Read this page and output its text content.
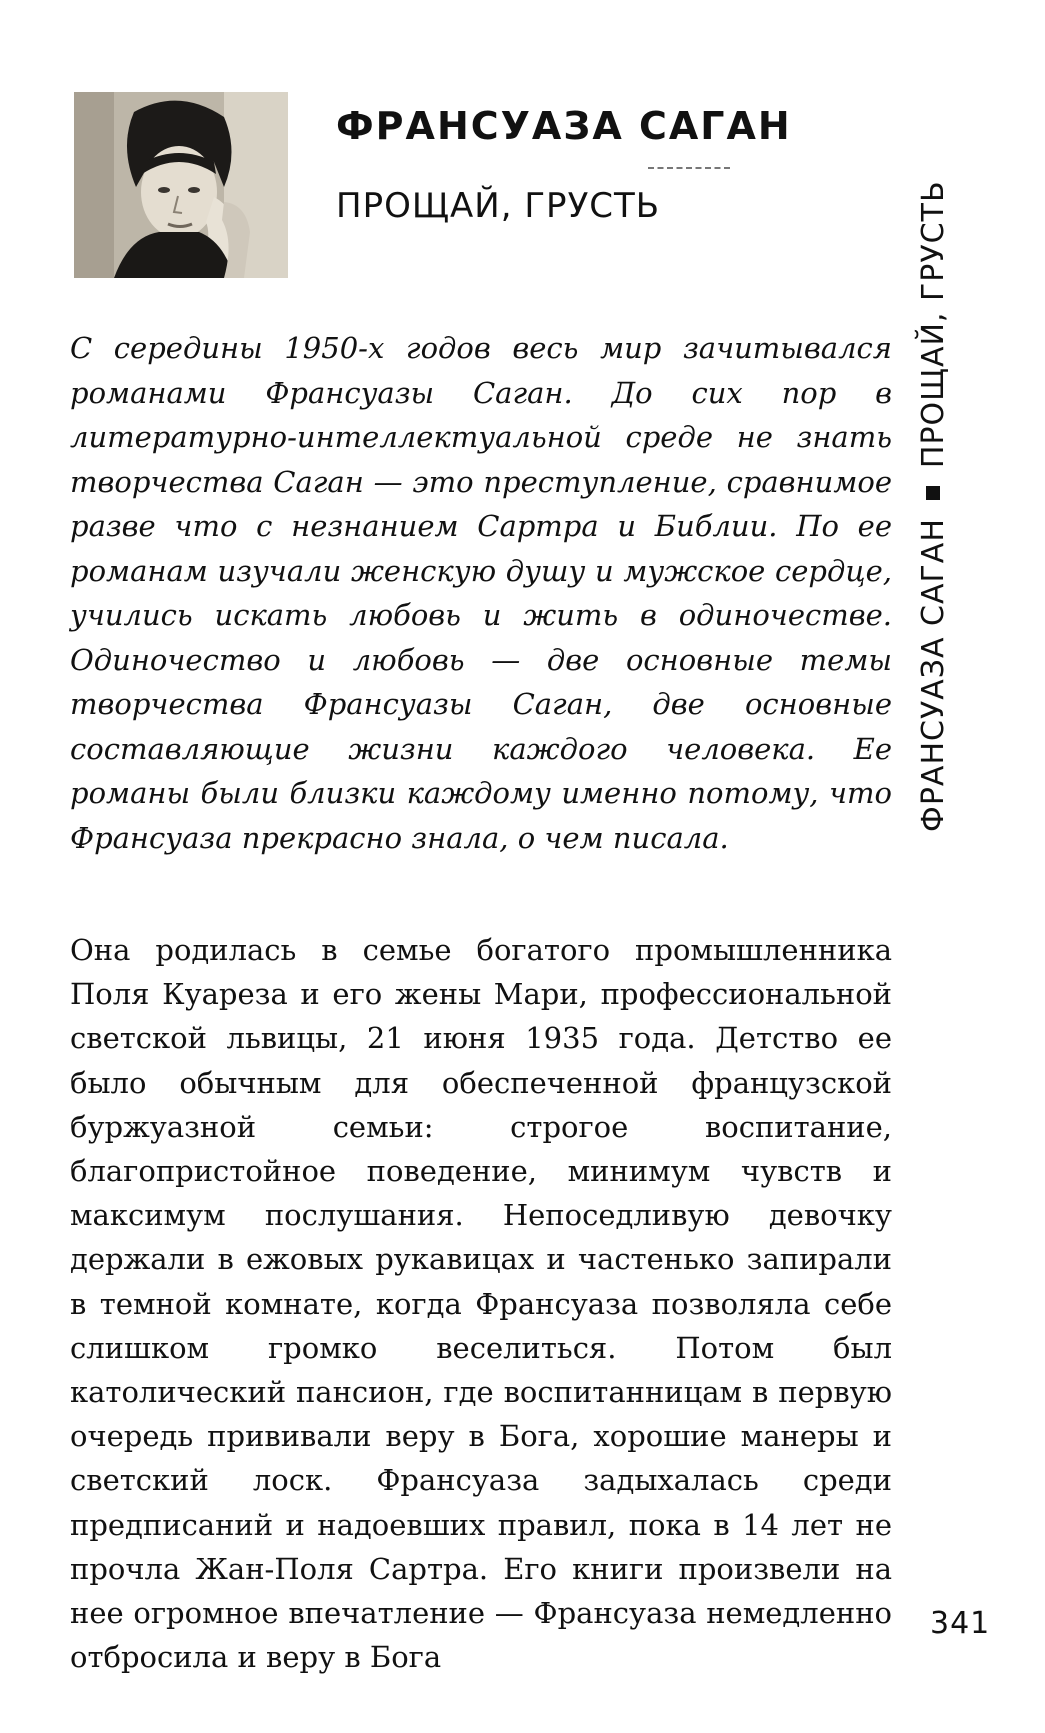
ФРАНСУАЗА САГАН
ПРОЩАЙ, ГРУСТЬ
С середины 1950-х годов весь мир зачитывался романами Франсуазы Саган. До сих пор в литературно-интеллектуальной среде не знать творчества Саган — это преступление, сравнимое разве что с незнанием Сартра и Библии. По ее романам изучали женскую душу и мужское сердце, учились искать любовь и жить в одиночестве. Одиночество и любовь — две основные темы творчества Франсуазы Саган, две основные составляющие жизни каждого человека. Ее романы были близки каждому именно потому, что Франсуаза прекрасно знала, о чем писала.
Она родилась в семье богатого промышленника Поля Куареза и его жены Мари, профессиональной светской львицы, 21 июня 1935 года. Детство ее было обычным для обеспеченной французской буржуазной семьи: строгое воспитание, благопристойное поведение, минимум чувств и максимум послушания. Непоседливую девочку держали в ежовых рукавицах и частенько запирали в темной комнате, когда Франсуаза позволяла себе слишком громко веселиться. Потом был католический пансион, где воспитанницам в первую очередь прививали веру в Бога, хорошие манеры и светский лоск. Франсуаза задыхалась среди предписаний и надоевших правил, пока в 14 лет не прочла Жан-Поля Сартра. Его книги произвели на нее огромное впечатление — Франсуаза немедленно отбросила и веру в Бога
ФРАНСУАЗА САГАНПРОЩАЙ, ГРУСТЬ
341
